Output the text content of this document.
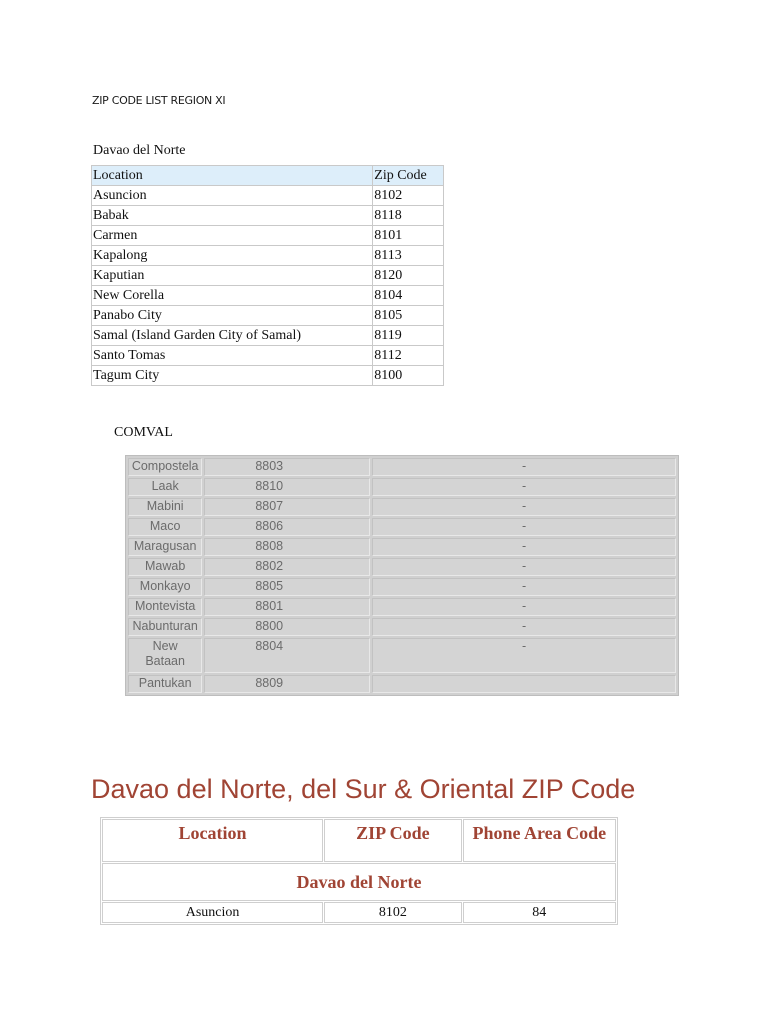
ZIP CODE LIST REGION XI
Davao del Norte
Location	Zip Code
Asuncion	8102
Babak	8118
Carmen	8101
Kapalong	8113
Kaputian	8120
New Corella	8104
Panabo City	8105
Samal (Island Garden City of Samal)	8119
Santo Tomas	8112
Tagum City	8100
COMVAL
Compostela	8803	-
Laak	8810	-
Mabini	8807	-
Maco	8806	-
Maragusan	8808	-
Mawab	8802	-
Monkayo	8805	-
Montevista	8801	-
Nabunturan	8800	-

New
Bataan	8804	-
Pantukan	8809	
Davao del Norte, del Sur & Oriental ZIP Code
Location	ZIP Code	Phone Area Code
Davao del Norte		
Asuncion	8102	84
